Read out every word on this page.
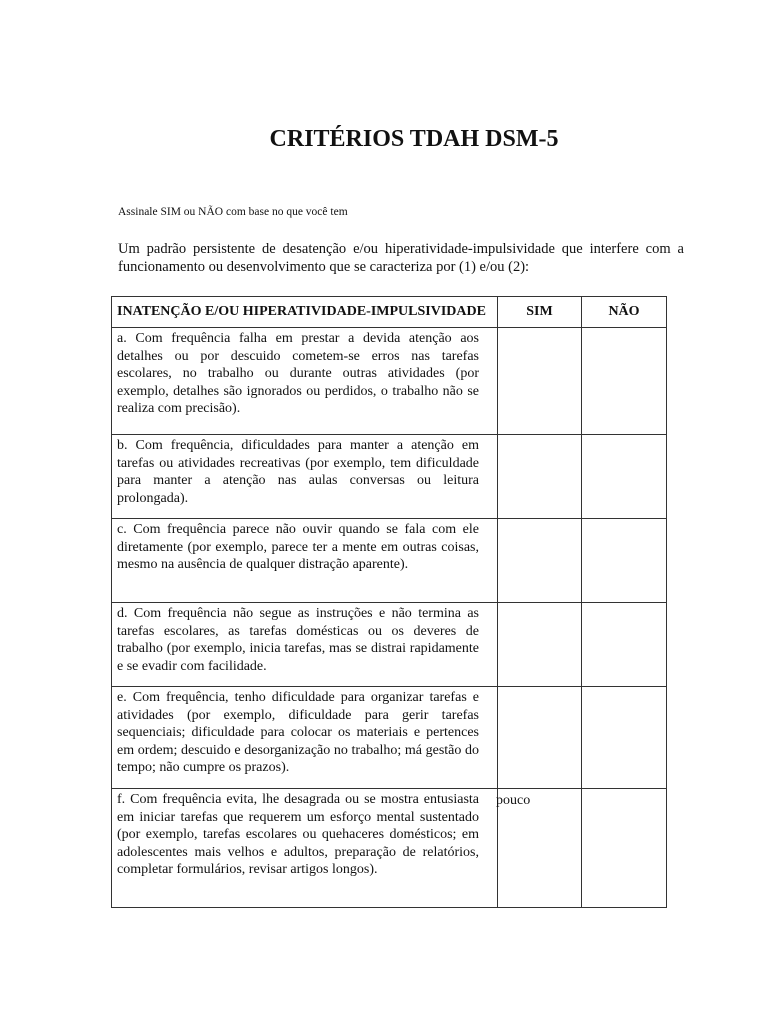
CRITÉRIOS TDAH DSM-5
Assinale SIM ou NÃO com base no que você tem
Um padrão persistente de desatenção e/ou hiperatividade-impulsividade que interfere com a funcionamento ou desenvolvimento que se caracteriza por (1) e/ou (2):
INATENÇÃO E/OU HIPERATIVIDADE-IMPULSIVIDADE	SIM	NÃO
a. Com frequência falha em prestar a devida atenção aos detalhes ou por descuido cometem-se erros nas tarefas escolares, no trabalho ou durante outras atividades (por exemplo, detalhes são ignorados ou perdidos, o trabalho não se realiza com precisão).		
b. Com frequência, dificuldades para manter a atenção em tarefas ou atividades recreativas (por exemplo, tem dificuldade para manter a atenção nas aulas conversas ou leitura prolongada).		
c. Com frequência parece não ouvir quando se fala com ele diretamente (por exemplo, parece ter a mente em outras coisas, mesmo na ausência de qualquer distração aparente).		
d. Com frequência não segue as instruções e não termina as tarefas escolares, as tarefas domésticas ou os deveres de trabalho (por exemplo, inicia tarefas, mas se distrai rapidamente e se evadir com facilidade.		
e. Com frequência, tenho dificuldade para organizar tarefas e atividades (por exemplo, dificuldade para gerir tarefas sequenciais; dificuldade para colocar os materiais e pertences em ordem; descuido e desorganização no trabalho; má gestão do tempo; não cumpre os prazos).		
f. Com frequência evita, lhe desagrada ou se mostra entusiasta em iniciar tarefas que requerem um esforço mental sustentado (por exemplo, tarefas escolares ou quehaceres domésticos; em adolescentes mais velhos e adultos, preparação de relatórios, completar formulários, revisar artigos longos).	pouco	
